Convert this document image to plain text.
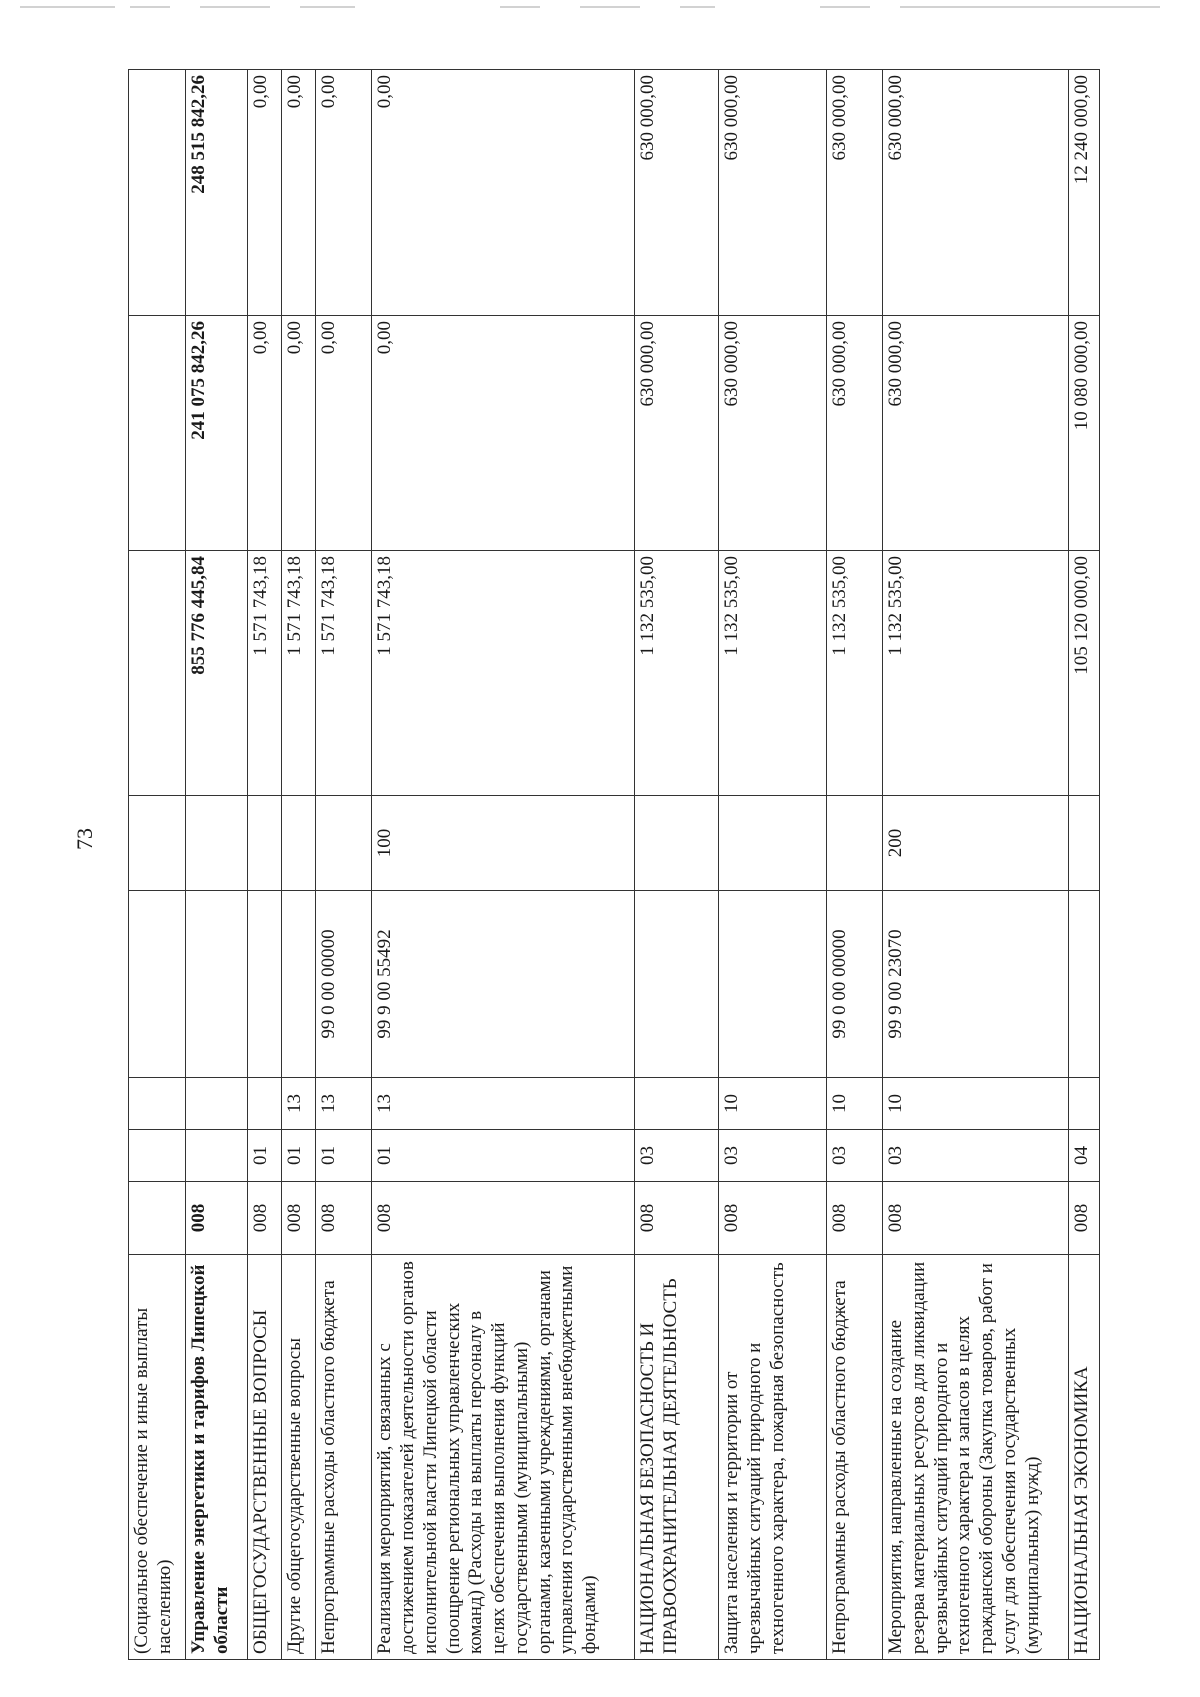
73
(Социальное обеспечение и иные выплаты населению)								
Управление энергетики и тарифов Липецкой области	008					855 776 445,84	241 075 842,26	248 515 842,26
ОБЩЕГОСУДАРСТВЕННЫЕ ВОПРОСЫ	008	01				1 571 743,18	0,00	0,00
Другие общегосударственные вопросы	008	01	13			1 571 743,18	0,00	0,00
Непрограммные расходы областного бюджета	008	01	13	99 0 00 00000		1 571 743,18	0,00	0,00
Реализация мероприятий, связанных с достижением показателей деятельности органов исполнительной власти Липецкой области (поощрение региональных управленческих команд) (Расходы на выплаты персоналу в целях обеспечения выполнения функций государственными (муниципальными) органами, казенными учреждениями, органами управления государственными внебюджетными фондами)	008	01	13	99 9 00 55492	100	1 571 743,18	0,00	0,00
НАЦИОНАЛЬНАЯ БЕЗОПАСНОСТЬ И ПРАВООХРАНИТЕЛЬНАЯ ДЕЯТЕЛЬНОСТЬ	008	03				1 132 535,00	630 000,00	630 000,00
Защита населения и территории от чрезвычайных ситуаций природного и техногенного характера, пожарная безопасность	008	03	10			1 132 535,00	630 000,00	630 000,00
Непрограммные расходы областного бюджета	008	03	10	99 0 00 00000		1 132 535,00	630 000,00	630 000,00
Мероприятия, направленные на создание резерва материальных ресурсов для ликвидации чрезвычайных ситуаций природного и техногенного характера и запасов в целях гражданской обороны (Закупка товаров, работ и услуг для обеспечения государственных (муниципальных) нужд)	008	03	10	99 9 00 23070	200	1 132 535,00	630 000,00	630 000,00
НАЦИОНАЛЬНАЯ ЭКОНОМИКА	008	04				105 120 000,00	10 080 000,00	12 240 000,00
